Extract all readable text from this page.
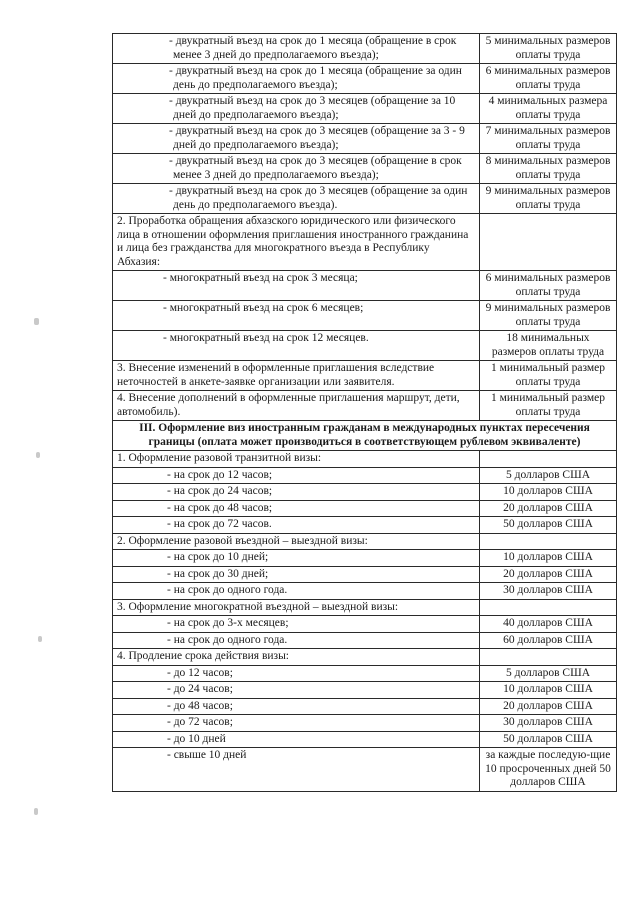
- двукратный въезд на срок до 1 месяца (обращение в срок менее 3 дней до предполагаемого въезда);	5 минимальных размеров оплаты труда

- двукратный въезд на срок до 1 месяца (обращение за один день до предполагаемого въезда);	6 минимальных размеров оплаты труда

- двукратный въезд на срок до 3 месяцев (обращение за 10 дней до предполагаемого въезда);	4 минимальных размера оплаты труда

- двукратный въезд на срок до 3 месяцев (обращение за 3 - 9 дней до предполагаемого въезда);	7 минимальных размеров оплаты труда

- двукратный въезд на срок до 3 месяцев (обращение в срок менее 3 дней до предполагаемого въезда);	8 минимальных размеров оплаты труда

- двукратный въезд на срок до 3 месяцев (обращение за один день до предполагаемого въезда).	9 минимальных размеров оплаты труда
2. Проработка обращения абхазского юридического или физического лица в отношении оформления приглашения иностранного гражданина и лица без гражданства для многократного въезда в Республику Абхазия:	
- многократный въезд на срок 3 месяца;	6 минимальных размеров оплаты труда
- многократный въезд на срок 6 месяцев;	9 минимальных размеров оплаты труда
- многократный въезд на срок 12 месяцев.	18 минимальных размеров оплаты труда
3. Внесение изменений в оформленные приглашения вследствие неточностей в анкете-заявке организации или заявителя.	1 минимальный размер оплаты труда
4. Внесение дополнений в оформленные приглашения маршрут, дети, автомобиль).	1 минимальный размер оплаты труда
III. Оформление виз иностранным гражданам в международных пунктах пересечения границы (оплата может производиться в соответствующем рублевом эквиваленте)	
1. Оформление разовой транзитной визы:	
- на срок до 12 часов;	5 долларов США
- на срок до 24 часов;	10 долларов США
- на срок до 48 часов;	20 долларов США
- на срок до 72 часов.	50 долларов США
2. Оформление разовой въездной – выездной визы:	
- на срок до 10 дней;	10 долларов США
- на срок до 30 дней;	20 долларов США
- на срок до одного года.	30 долларов США
3. Оформление многократной въездной – выездной визы:	
- на срок до 3-х месяцев;	40 долларов США
- на срок до одного года.	60 долларов США
4. Продление срока действия визы:	
- до 12 часов;	5 долларов США
- до 24 часов;	10 долларов США
- до 48 часов;	20 долларов США
- до 72 часов;	30 долларов США
- до 10 дней	50 долларов США
- свыше 10 дней	за каждые последую-щие 10 просроченных дней 50 долларов США
